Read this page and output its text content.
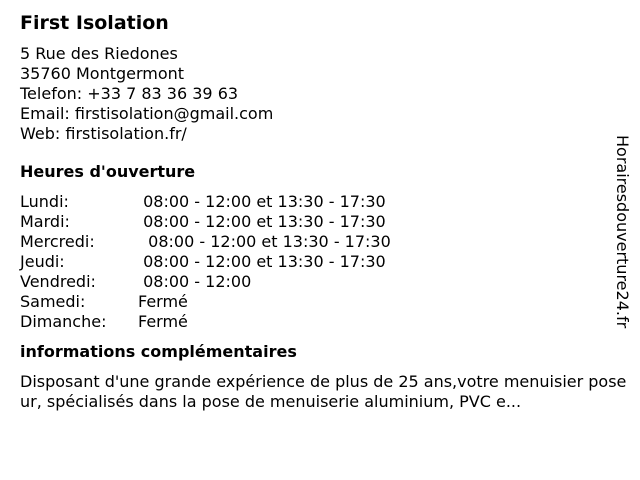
First Isolation
5 Rue des Riedones
35760 Montgermont
Telefon: +33 7 83 36 39 63
Email: firstisolation@gmail.com
Web: firstisolation.fr/
Heures d'ouverture
Lundi:	08:00 - 12:00 et 13:30 - 17:30
Mardi:	08:00 - 12:00 et 13:30 - 17:30
Mercredi:	08:00 - 12:00 et 13:30 - 17:30
Jeudi:	08:00 - 12:00 et 13:30 - 17:30
Vendredi:	08:00 - 12:00
Samedi:	Fermé
Dimanche:	Fermé
informations complémentaires
Disposant d'une grande expérience de plus de 25 ans,votre menuisier poseur, spécialisés dans la pose de menuiserie aluminium, PVC e...
Horairesdouverture24.fr
